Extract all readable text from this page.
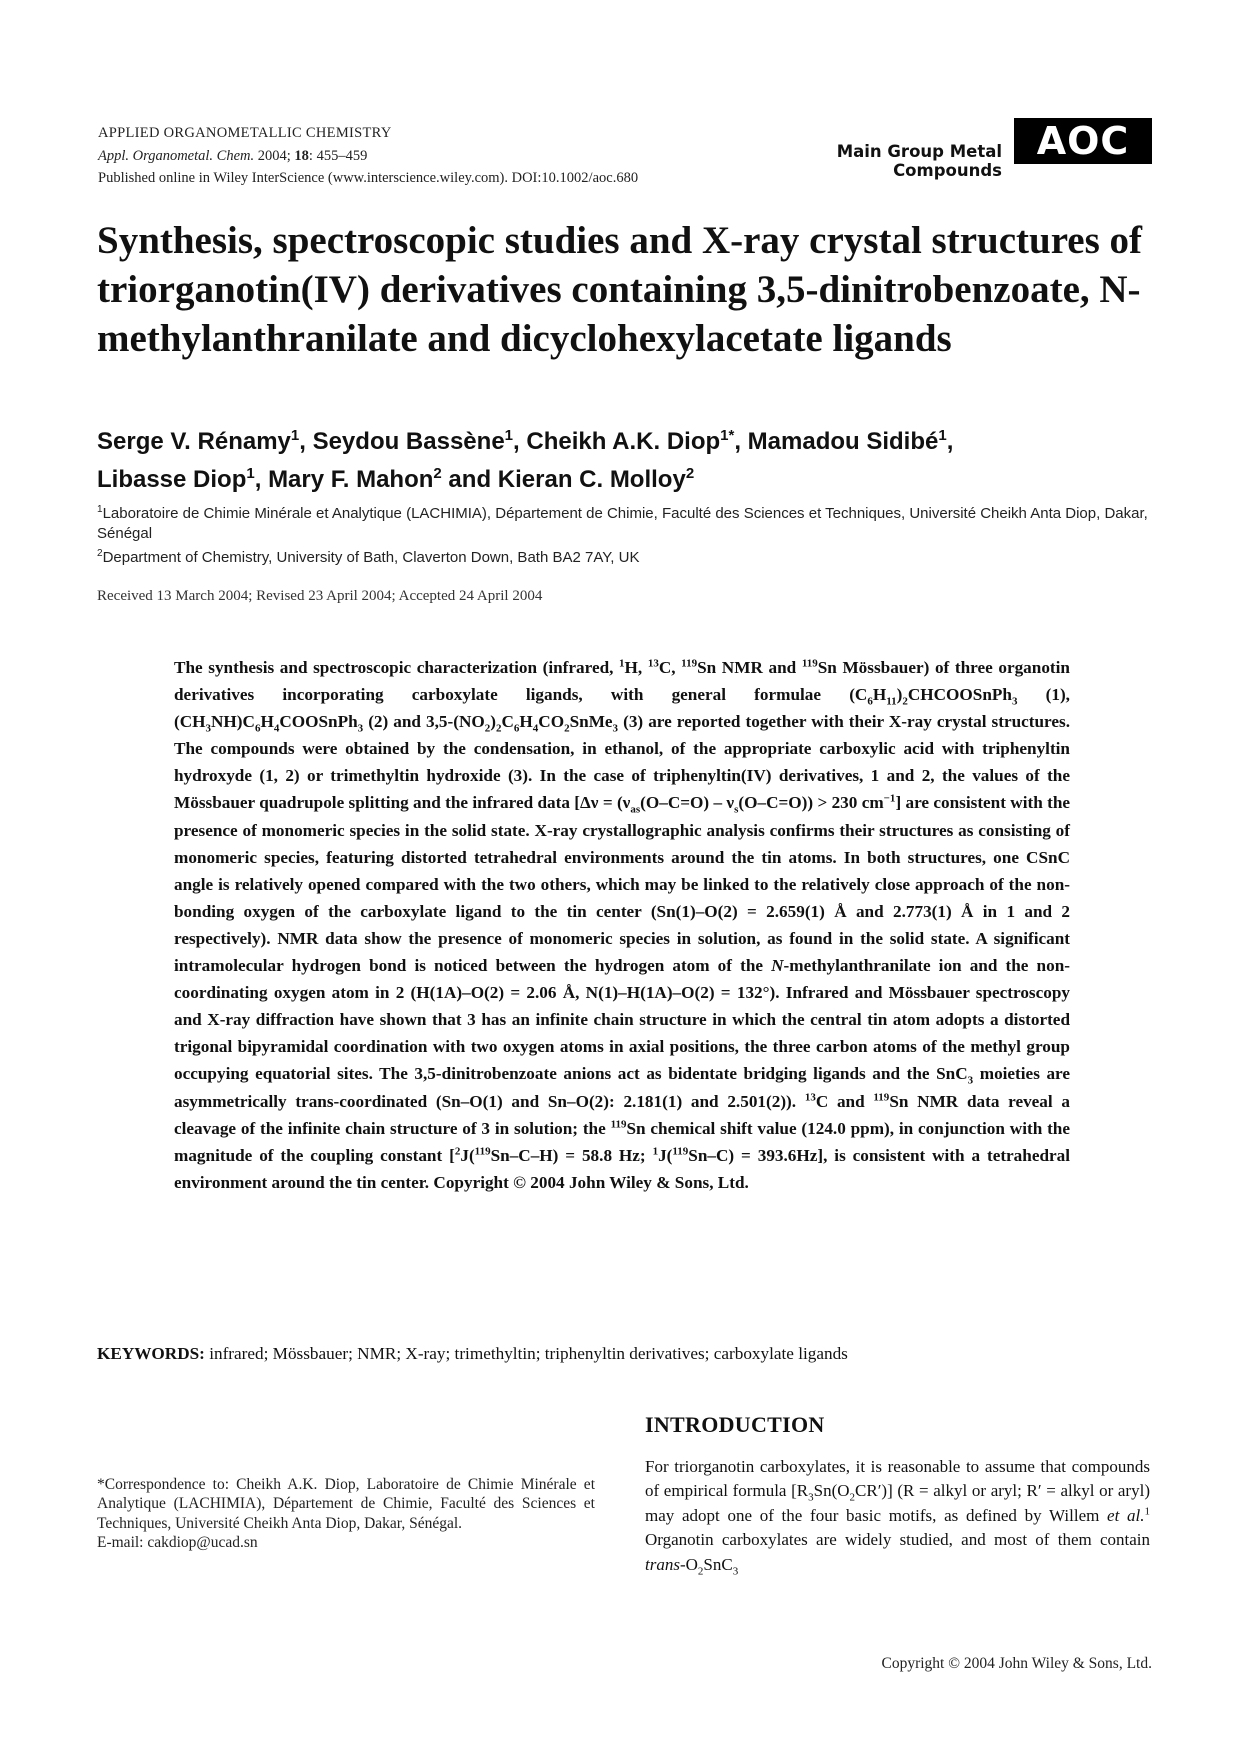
APPLIED ORGANOMETALLIC CHEMISTRY
Appl. Organometal. Chem. 2004; 18: 455–459
Published online in Wiley InterScience (www.interscience.wiley.com). DOI:10.1002/aoc.680
Main Group Metal Compounds
AOC
Synthesis, spectroscopic studies and X-ray crystal structures of triorganotin(IV) derivatives containing 3,5-dinitrobenzoate, N-methylanthranilate and dicyclohexylacetate ligands

Serge V. Rénamy$^1$, Seydou Bassène$^1$, Cheikh A.K. Diop$^{1*}$, Mamadou Sidibé$^1$,
Libasse Diop$^1$, Mary F. Mahon$^2$ and Kieran C. Molloy$^2$

$^1$Laboratoire de Chimie Minérale et Analytique (LACHIMIA), Département de Chimie, Faculté des Sciences et Techniques, Université Cheikh Anta Diop, Dakar, Sénégal
$^2$Department of Chemistry, University of Bath, Claverton Down, Bath BA2 7AY, UK
Received 13 March 2004; Revised 23 April 2004; Accepted 24 April 2004

The synthesis and spectroscopic characterization (infrared, $^1$H, $^{13}$C, $^{119}$Sn NMR and $^{119}$Sn Mössbauer) of three organotin derivatives incorporating carboxylate ligands, with general formulae $(C_6H_{11})_2CHCOOSnPh_3$ (1), $(CH_3NH)C_6H_4COOSnPh_3$ (2) and $3,5-(NO_2)_2C_6H_4CO_2SnMe_3$ (3) are reported together with their X-ray crystal structures. The compounds were obtained by the condensation, in ethanol, of the appropriate carboxylic acid with triphenyltin hydroxyde (1, 2) or trimethyltin hydroxide (3). In the case of triphenyltin(IV) derivatives, 1 and 2, the values of the Mössbauer quadrupole splitting and the infrared data [$\Delta\nu = (\nu_{as}(O-C=O) - \nu_s(O-C=O)) > 230$ $cm^{-1}$] are consistent with the presence of monomeric species in the solid state. X-ray crystallographic analysis confirms their structures as consisting of monomeric species, featuring distorted tetrahedral environments around the tin atoms. In both structures, one CSnC angle is relatively opened compared with the two others, which may be linked to the relatively close approach of the non-bonding oxygen of the carboxylate ligand to the tin center (Sn(1)–O(2) = 2.659(1) Å and 2.773(1) Å in 1 and 2 respectively). NMR data show the presence of monomeric species in solution, as found in the solid state. A significant intramolecular hydrogen bond is noticed between the hydrogen atom of the N-methylanthranilate ion and the non-coordinating oxygen atom in 2 (H(1A)–O(2) = 2.06 Å, N(1)–H(1A)–O(2) = 132°). Infrared and Mössbauer spectroscopy and X-ray diffraction have shown that 3 has an infinite chain structure in which the central tin atom adopts a distorted trigonal bipyramidal coordination with two oxygen atoms in axial positions, the three carbon atoms of the methyl group occupying equatorial sites. The 3,5-dinitrobenzoate anions act as bidentate bridging ligands and the SnC$_3$ moieties are asymmetrically trans-coordinated (Sn–O(1) and Sn–O(2): 2.181(1) and 2.501(2)). $^{13}$C and $^{119}$Sn NMR data reveal a cleavage of the infinite chain structure of 3 in solution; the $^{119}$Sn chemical shift value (124.0 ppm), in conjunction with the magnitude of the coupling constant [$^2$J($^{119}$Sn–C–H) = 58.8 Hz; $^1$J($^{119}$Sn–C) = 393.6Hz], is consistent with a tetrahedral environment around the tin center. Copyright © 2004 John Wiley & Sons, Ltd.

KEYWORDS: infrared; Mössbauer; NMR; X-ray; trimethyltin; triphenyltin derivatives; carboxylate ligands
INTRODUCTION

For triorganotin carboxylates, it is reasonable to assume that compounds of empirical formula $[R_3Sn(O_2CR')] (R$ = alkyl or aryl; R′ = alkyl or aryl) may adopt one of the four basic motifs, as defined by Willem et al.$^1$ Organotin carboxylates are widely studied, and most of them contain trans-$O_2SnC_3$

*Correspondence to: Cheikh A.K. Diop, Laboratoire de Chimie Minérale et Analytique (LACHIMIA), Département de Chimie, Faculté des Sciences et Techniques, Université Cheikh Anta Diop, Dakar, Sénégal.
E-mail: cakdiop@ucad.sn

Copyright © 2004 John Wiley & Sons, Ltd.
